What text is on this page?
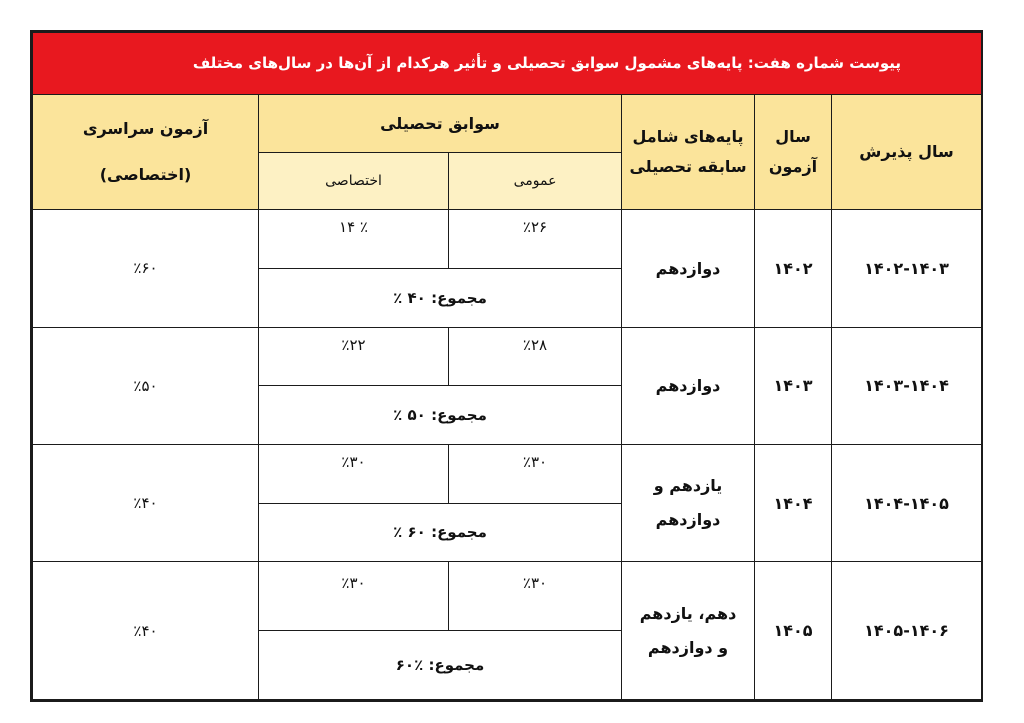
پیوست شماره هفت: پایه‌های مشمول سوابق تحصیلی و تأثیر هرکدام از آن‌ها در سال‌های مختلف					
سال پذیرش	سال آزمون	پایه‌های شامل سابقه تحصیلی	سوابق تحصیلی		آزمون سراسری
(اختصاصی)

			عمومی	اختصاصی	
۱۴۰۲-۱۴۰۳	۱۴۰۲	دوازدهم	٪۲۶	٪ ۱۴	٪۶۰
			مجموع: ۴۰ ٪		
۱۴۰۳-۱۴۰۴	۱۴۰۳	دوازدهم	٪۲۸	٪۲۲	٪۵۰
			مجموع: ۵۰ ٪		
۱۴۰۴-۱۴۰۵	۱۴۰۴	یازدهم و دوازدهم	٪۳۰	٪۳۰	٪۴۰
			مجموع: ۶۰ ٪		
۱۴۰۵-۱۴۰۶	۱۴۰۵	دهم، یازدهم و دوازدهم	٪۳۰	٪۳۰	٪۴۰
			مجموع: ٪۶۰		
